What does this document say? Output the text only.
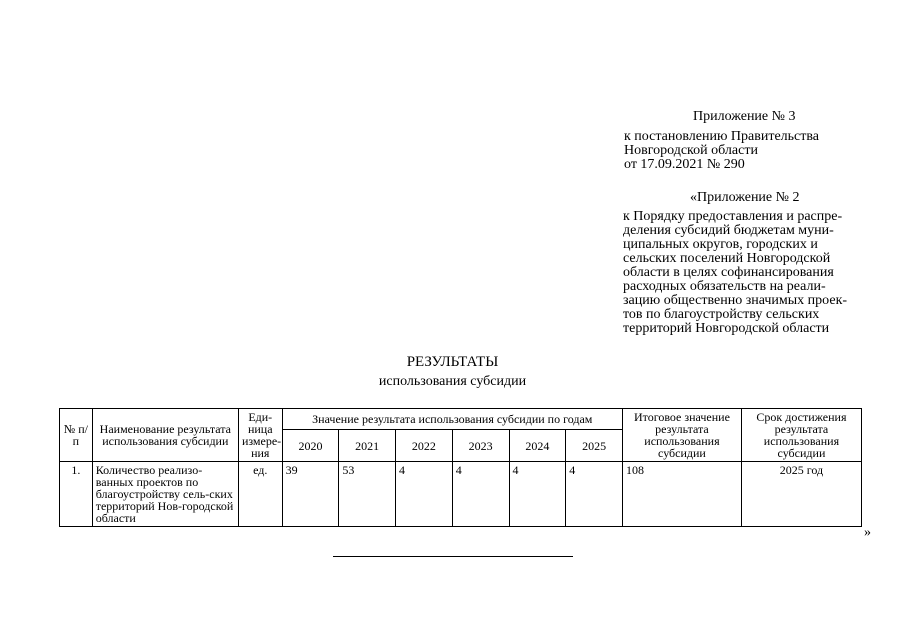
Приложение № 3
к постановлению Правительства
Новгородской области
от 17.09.2021 № 290
«Приложение № 2
к Порядку предоставления и распре-
деления субсидий бюджетам муни-
ципальных округов, городских и
сельских поселений Новгородской
области в целях софинансирования
расходных обязательств на реали-
зацию общественно значимых проек-
тов по благоустройству сельских
территорий Новгородской области
РЕЗУЛЬТАТЫ
использования субсидии
№ п/п	Наименование результата использования субсидии	Еди-ница измере-ния	Значение результата использования субсидии по годам						Итоговое значение результата использования субсидии	Срок достижения результата использования субсидии
			2020	2021	2022	2023	2024	2025		
1.	Количество реализо-ванных проектов по благоустройству сель-ских территорий Нов-городской области	ед.	39	53	4	4	4	4	108	2025 год
»
